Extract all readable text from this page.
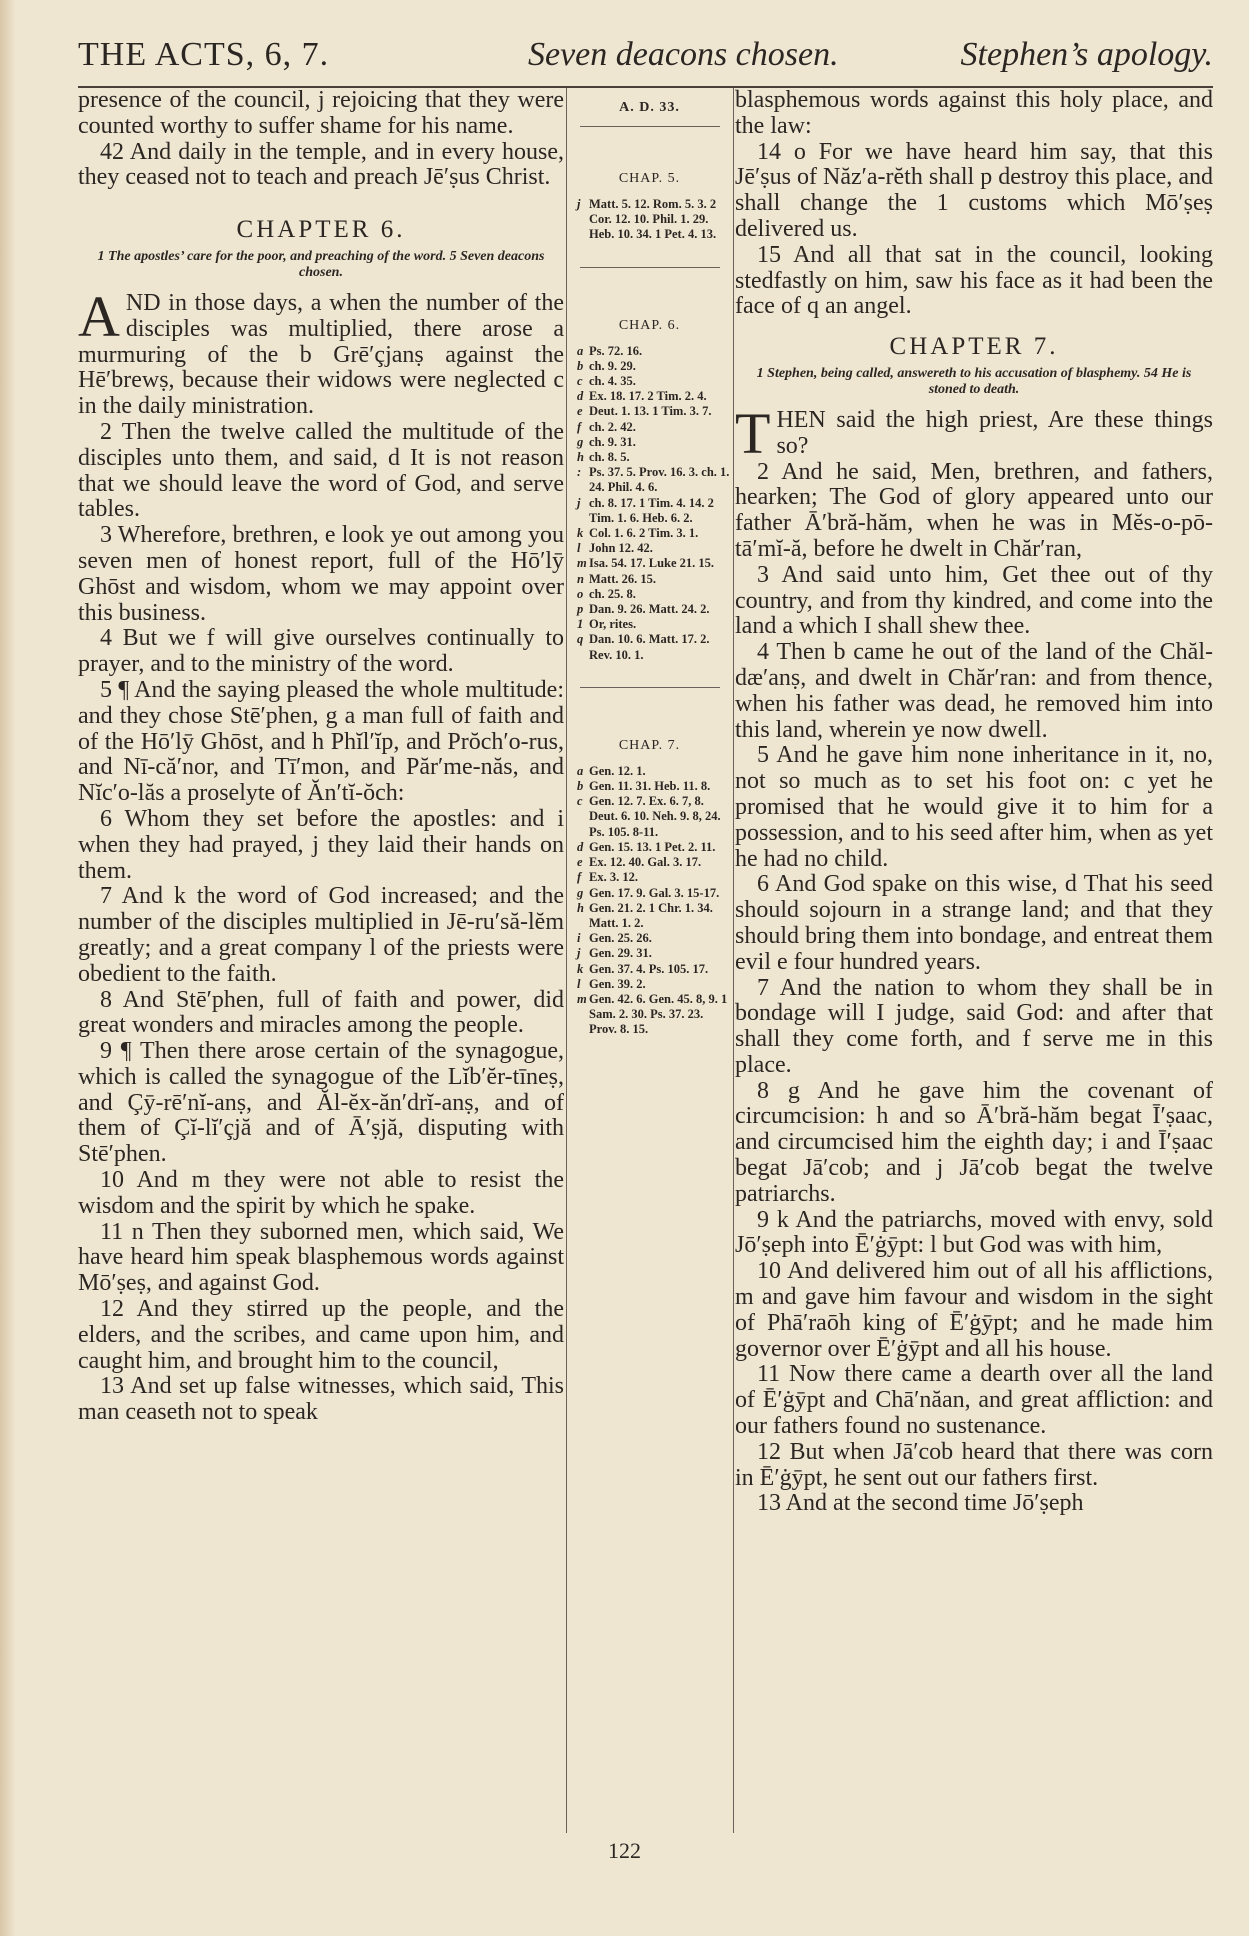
THE ACTS, 6, 7.	Seven deacons chosen.	Stephen’s apology.

presence of the council, j rejoicing that they were counted worthy to suffer shame for his name.

42 And daily in the temple, and in every house, they ceased not to teach and preach Jē′ṣus Christ.

CHAPTER 6.
1 The apostles’ care for the poor, and preaching of the word. 5 Seven deacons chosen.

AND in those days, a when the number of the disciples was multiplied, there arose a murmuring of the b Grē′çjanṣ against the Hē′brewṣ, because their widows were neglected c in the daily ministration.

2 Then the twelve called the multitude of the disciples unto them, and said, d It is not reason that we should leave the word of God, and serve tables.

3 Wherefore, brethren, e look ye out among you seven men of honest report, full of the Hō′lȳ Ghōst and wisdom, whom we may appoint over this business.

4 But we f will give ourselves continually to prayer, and to the ministry of the word.

5 ¶ And the saying pleased the whole multitude: and they chose Stē′phen, g a man full of faith and of the Hō′lȳ Ghōst, and h Phĭl′ĭp, and Prŏch′o-rus, and Nī-că′nor, and Tī′mon, and Păr′me-năs, and Nĭc′o-lăs a proselyte of Ăn′tĭ-ŏch:

6 Whom they set before the apostles: and i when they had prayed, j they laid their hands on them.

7 And k the word of God increased; and the number of the disciples multiplied in Jē-ru′să-lĕm greatly; and a great company l of the priests were obedient to the faith.

8 And Stē′phen, full of faith and power, did great wonders and miracles among the people.

9 ¶ Then there arose certain of the synagogue, which is called the synagogue of the Lĭb′ĕr-tīneṣ, and Çȳ-rē′nĭ-anṣ, and Ăl-ĕx-ăn′drĭ-anṣ, and of them of Çĭ-lĭ′çjă and of Ā′ṣjă, disputing with Stē′phen.

10 And m they were not able to resist the wisdom and the spirit by which he spake.

11 n Then they suborned men, which said, We have heard him speak blasphemous words against Mō′ṣeṣ, and against God.

12 And they stirred up the people, and the elders, and the scribes, and came upon him, and caught him, and brought him to the council,

13 And set up false witnesses, which said, This man ceaseth not to speak

A. D. 33.
CHAP. 5.
j Matt. 5. 12. Rom. 5. 3. 2 Cor. 12. 10. Phil. 1. 29. Heb. 10. 34. 1 Pet. 4. 13.
CHAP. 6.
a Ps. 72. 16.
b ch. 9. 29.
c ch. 4. 35.
d Ex. 18. 17. 2 Tim. 2. 4.
e Deut. 1. 13. 1 Tim. 3. 7.
f ch. 2. 42.
g ch. 9. 31.
h ch. 8. 5.
: Ps. 37. 5. Prov. 16. 3. ch. 1. 24. Phil. 4. 6.
j ch. 8. 17. 1 Tim. 4. 14. 2 Tim. 1. 6. Heb. 6. 2.
k Col. 1. 6. 2 Tim. 3. 1.
l John 12. 42.
m Isa. 54. 17. Luke 21. 15.
n Matt. 26. 15.
o ch. 25. 8.
p Dan. 9. 26. Matt. 24. 2.
1 Or, rites.
q Dan. 10. 6. Matt. 17. 2. Rev. 10. 1.
CHAP. 7.
a Gen. 12. 1.
b Gen. 11. 31. Heb. 11. 8.
c Gen. 12. 7. Ex. 6. 7, 8. Deut. 6. 10. Neh. 9. 8, 24. Ps. 105. 8-11.
d Gen. 15. 13. 1 Pet. 2. 11.
e Ex. 12. 40. Gal. 3. 17.
f Ex. 3. 12.
g Gen. 17. 9. Gal. 3. 15-17.
h Gen. 21. 2. 1 Chr. 1. 34. Matt. 1. 2.
i Gen. 25. 26.
j Gen. 29. 31.
k Gen. 37. 4. Ps. 105. 17.
l Gen. 39. 2.
m Gen. 42. 6. Gen. 45. 8, 9. 1 Sam. 2. 30. Ps. 37. 23. Prov. 8. 15.

blasphemous words against this holy place, and the law:

14 o For we have heard him say, that this Jē′ṣus of Năz′a-rĕth shall p destroy this place, and shall change the 1 customs which Mō′ṣeṣ delivered us.

15 And all that sat in the council, looking stedfastly on him, saw his face as it had been the face of q an angel.

CHAPTER 7.
1 Stephen, being called, answereth to his accusation of blasphemy. 54 He is stoned to death.

THEN said the high priest, Are these things so?

2 And he said, Men, brethren, and fathers, hearken; The God of glory appeared unto our father Ā′bră-hăm, when he was in Mĕs-o-pō-tā′mĭ-ă, before he dwelt in Chăr′ran,

3 And said unto him, Get thee out of thy country, and from thy kindred, and come into the land a which I shall shew thee.

4 Then b came he out of the land of the Chăl-dæ′anṣ, and dwelt in Chăr′ran: and from thence, when his father was dead, he removed him into this land, wherein ye now dwell.

5 And he gave him none inheritance in it, no, not so much as to set his foot on: c yet he promised that he would give it to him for a possession, and to his seed after him, when as yet he had no child.

6 And God spake on this wise, d That his seed should sojourn in a strange land; and that they should bring them into bondage, and entreat them evil e four hundred years.

7 And the nation to whom they shall be in bondage will I judge, said God: and after that shall they come forth, and f serve me in this place.

8 g And he gave him the covenant of circumcision: h and so Ā′bră-hăm begat Ī′ṣaac, and circumcised him the eighth day; i and Ī′ṣaac begat Jā′cob; and j Jā′cob begat the twelve patriarchs.

9 k And the patriarchs, moved with envy, sold Jō′ṣeph into Ē′ġȳpt: l but God was with him,

10 And delivered him out of all his afflictions, m and gave him favour and wisdom in the sight of Phā′raōh king of Ē′ġȳpt; and he made him governor over Ē′ġȳpt and all his house.

11 Now there came a dearth over all the land of Ē′ġȳpt and Chā′năan, and great affliction: and our fathers found no sustenance.

12 But when Jā′cob heard that there was corn in Ē′ġȳpt, he sent out our fathers first.

13 And at the second time Jō′ṣeph

122
